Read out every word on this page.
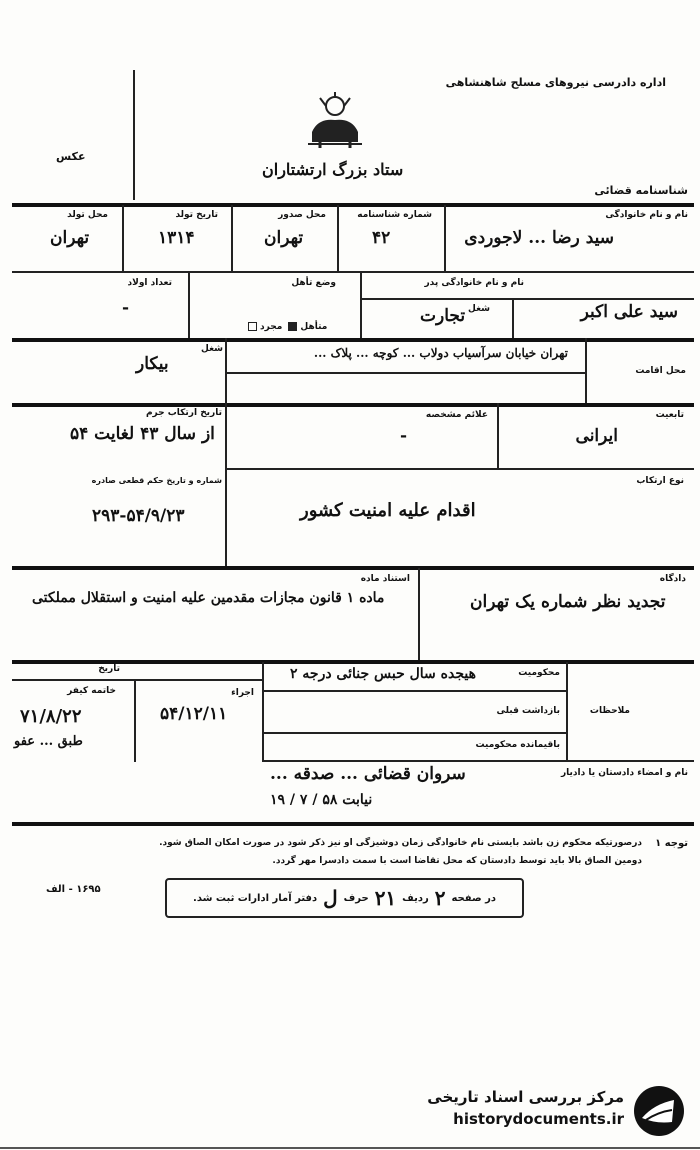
اداره دادرسی نیروهای مسلح شاهنشاهی
ستاد بزرگ ارتشتاران
عکس
شناسنامه قضائی
نام و نام خانوادگی
سید رضا ... لاجوردی
شماره شناسنامه
۴۲
محل صدور
تهران
تاریخ تولد
۱۳۱۴
محل تولد
تهران
نام و نام خانوادگی پدر
سید علی اکبر
شغل
تجارت
وضع تأهل
متأهل مجرد
تعداد اولاد
-
محل اقامت
تهران خیابان سرآسیاب دولاب ... کوچه ... پلاک ...
شغل
بیکار
تابعیت
ایرانی
علائم مشخصه
-
تاریخ ارتکاب جرم
از سال ۴۳ لغایت ۵۴
نوع ارتکاب
اقدام علیه امنیت کشور
شماره و تاریخ حکم قطعی صادره
۲۹۳-۵۴/۹/۲۳
دادگاه
تجدید نظر شماره یک تهران
استناد ماده
ماده ۱ قانون مجازات مقدمین علیه امنیت و استقلال مملکتی
محکومیت
هیجده سال حبس جنائی درجه ۲
بازداشت قبلی
باقیمانده محکومیت
ملاحظات
اجراء
۵۴/۱۲/۱۱
تاریخ
خاتمه کیفر
۷۱/۸/۲۲
طبق ... عفو
نام و امضاء دادستان یا دادیار
سروان قضائی ... صدقه ...
نیابت ۵۸ / ۷ / ۱۹
توجه ۱
درصورتیکه محکوم زن باشد بایستی نام خانوادگی زمان دوشیزگی او نیز ذکر شود در صورت امکان الصاق شود.
دومین الصاق بالا باید توسط دادستان که محل تقاضا است با سمت دادسرا مهر گردد.
۱۶۹۵ - الف
در صفحه
۲
ردیف
۲۱
حرف
ل
دفتر آمار ادارات ثبت شد.
مرکز بررسی اسناد تاریخی
historydocuments.ir
